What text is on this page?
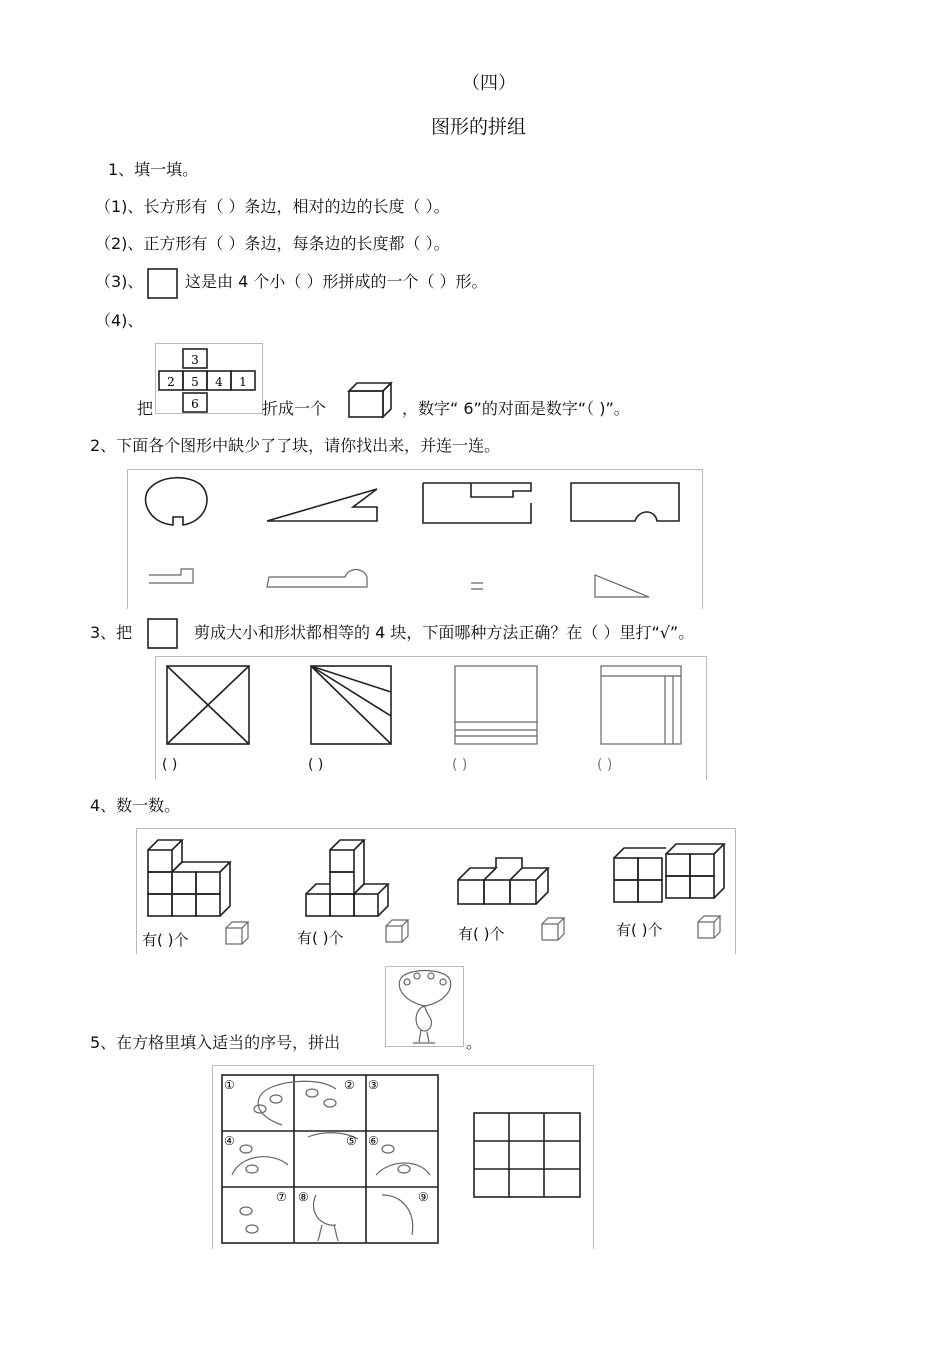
（四）
图形的拼组
1、填一填。
（1)、长方形有（ ）条边，相对的边的长度（ ）。
（2)、正方形有（ ）条边，每条边的长度都（ ）。
（3)、	这是由 4 个小（ ）形拼成的一个（ ）形。
（4)、
3
2 5 4 1
6
把	折成一个	，数字“ 6”的对面是数字“（ )”。
2、下面各个图形中缺少了了块，请你找出来，并连一连。
3、把	剪成大小和形状都相等的 4 块，下面哪种方法正确？在（ ）里打“√”。
( )	( )	( )	( )
4、数一数。
有( )个	有( )个	有( )个	有( )个
5、在方格里填入适当的序号，拼出	。
①	② ③
④	⑤ ⑥
⑦ ⑧	⑨
